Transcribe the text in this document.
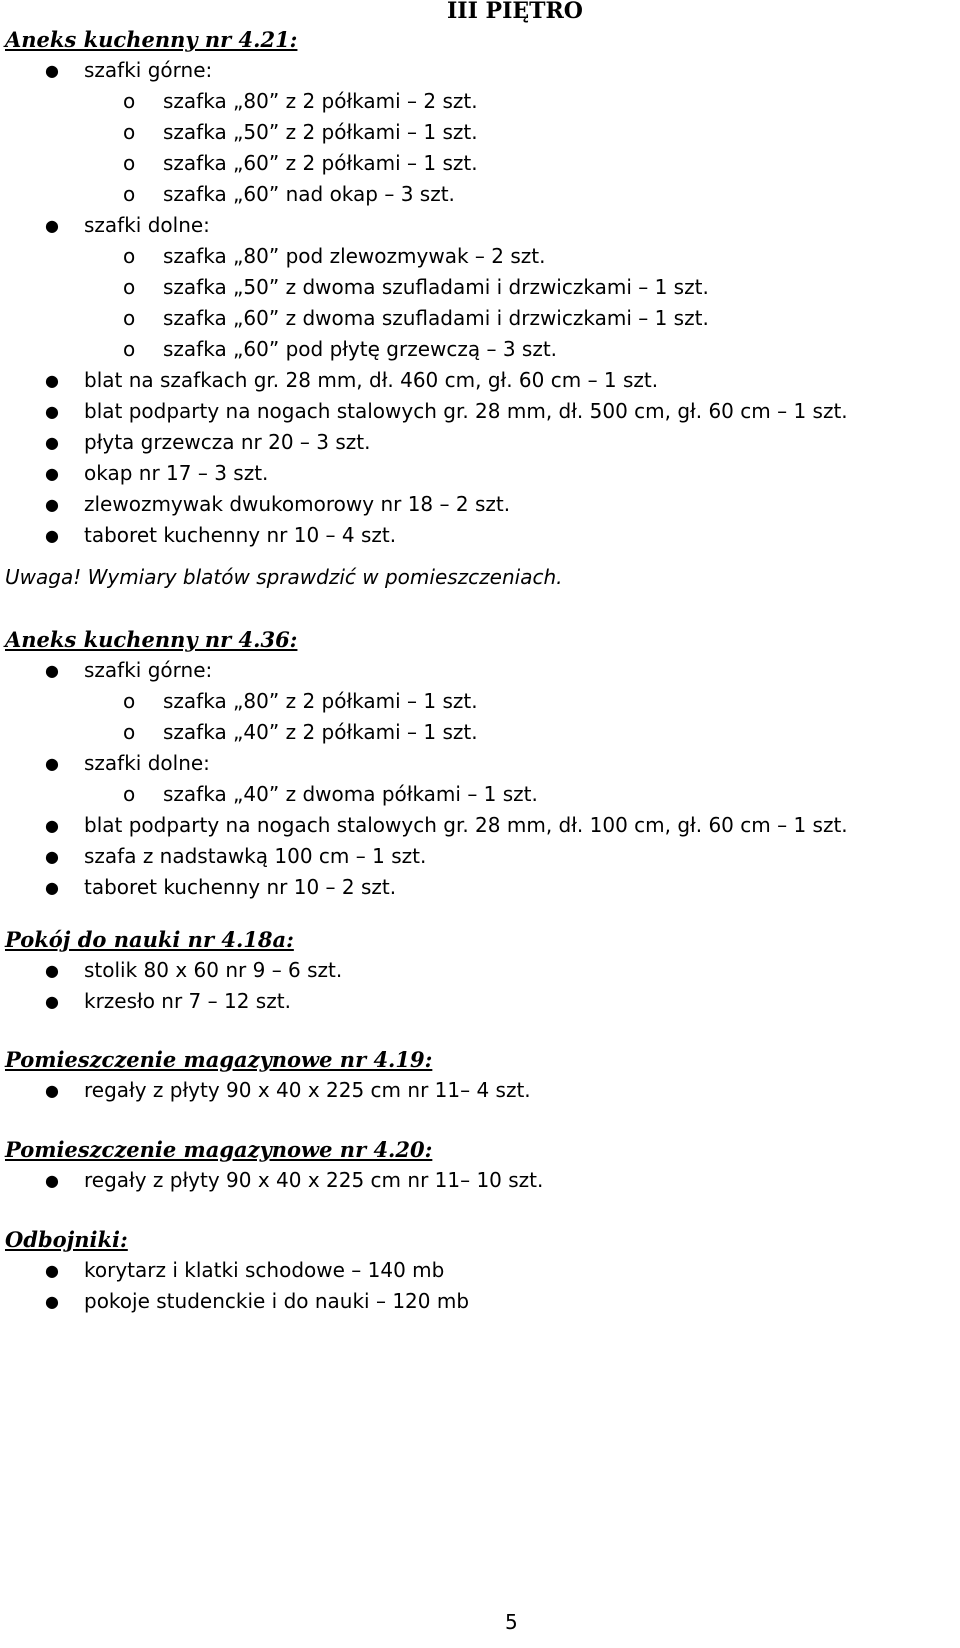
III PIĘTRO
Aneks kuchenny nr 4.21:
● szafki górne:
o szafka „80” z 2 półkami – 2 szt.
o szafka „50” z 2 półkami – 1 szt.
o szafka „60” z 2 półkami – 1 szt.
o szafka „60” nad okap – 3 szt.
● szafki dolne:
o szafka „80” pod zlewozmywak – 2 szt.
o szafka „50” z dwoma szufladami i drzwiczkami – 1 szt.
o szafka „60” z dwoma szufladami i drzwiczkami – 1 szt.
o szafka „60” pod płytę grzewczą – 3 szt.
● blat na szafkach gr. 28 mm, dł. 460 cm, gł. 60 cm – 1 szt.
● blat podparty na nogach stalowych gr. 28 mm, dł. 500 cm, gł. 60 cm – 1 szt.
● płyta grzewcza nr 20 – 3 szt.
● okap nr 17 – 3 szt.
● zlewozmywak dwukomorowy nr 18 – 2 szt.
● taboret kuchenny nr 10 – 4 szt.
Uwaga! Wymiary blatów sprawdzić w pomieszczeniach.
Aneks kuchenny nr 4.36:
● szafki górne:
o szafka „80” z 2 półkami – 1 szt.
o szafka „40” z 2 półkami – 1 szt.
● szafki dolne:
o szafka „40” z dwoma półkami – 1 szt.
● blat podparty na nogach stalowych gr. 28 mm, dł. 100 cm, gł. 60 cm – 1 szt.
● szafa z nadstawką 100 cm – 1 szt.
● taboret kuchenny nr 10 – 2 szt.
Pokój do nauki nr 4.18a:
● stolik 80 x 60 nr 9 – 6 szt.
● krzesło nr 7 – 12 szt.
Pomieszczenie magazynowe nr 4.19:
● regały z płyty 90 x 40 x 225 cm nr 11– 4 szt.
Pomieszczenie magazynowe nr 4.20:
● regały z płyty 90 x 40 x 225 cm nr 11– 10 szt.
Odbojniki:
● korytarz i klatki schodowe – 140 mb
● pokoje studenckie i do nauki – 120 mb
5
